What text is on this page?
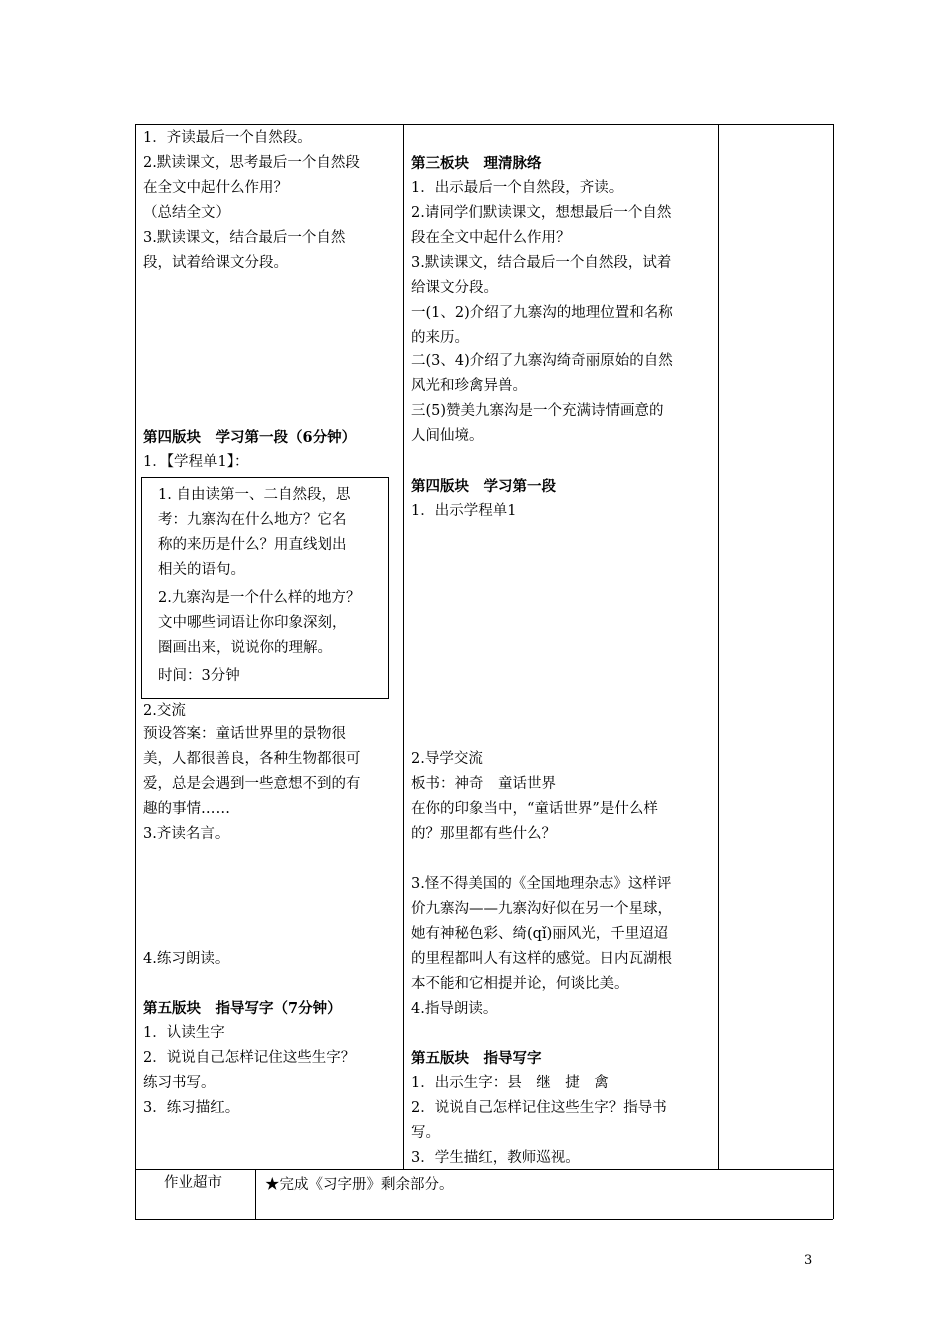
1．齐读最后一个自然段。
2.默读课文，思考最后一个自然段
在全文中起什么作用？
（总结全文）
3.默读课文，结合最后一个自然
段，试着给课文分段。
第四版块　学习第一段（6分钟）
1．【学程单1】：
1. 自由读第一、二自然段，思
考：九寨沟在什么地方？它名
称的来历是什么？用直线划出
相关的语句。
2.九寨沟是一个什么样的地方？
文中哪些词语让你印象深刻，
圈画出来，说说你的理解。
时间：3分钟
2.交流
预设答案：童话世界里的景物很
美，人都很善良，各种生物都很可
爱，总是会遇到一些意想不到的有
趣的事情……
3.齐读名言。
4.练习朗读。
第五版块　指导写字（7分钟）
1．认读生字
2．说说自己怎样记住这些生字？
练习书写。
3．练习描红。
第三板块　理清脉络
1．出示最后一个自然段，齐读。
2.请同学们默读课文，想想最后一个自然
段在全文中起什么作用？
3.默读课文，结合最后一个自然段，试着
给课文分段。
一(1、2)介绍了九寨沟的地理位置和名称
的来历。
二(3、4)介绍了九寨沟绮奇丽原始的自然
风光和珍禽异兽。
三(5)赞美九寨沟是一个充满诗情画意的
人间仙境。
第四版块　学习第一段
1．出示学程单1
2.导学交流
板书：神奇　童话世界
在你的印象当中，“童话世界”是什么样
的？那里都有些什么？
3.怪不得美国的《全国地理杂志》这样评
价九寨沟——九寨沟好似在另一个星球，
她有神秘色彩、绮(qǐ)丽风光，千里迢迢
的里程都叫人有这样的感觉。日内瓦湖根
本不能和它相提并论，何谈比美。
4.指导朗读。
第五版块　指导写字
1．出示生字：县　继　捷　禽
2．说说自己怎样记住这些生字？指导书
写。
3．学生描红，教师巡视。
作业超市	★完成《习字册》剩余部分。
3
